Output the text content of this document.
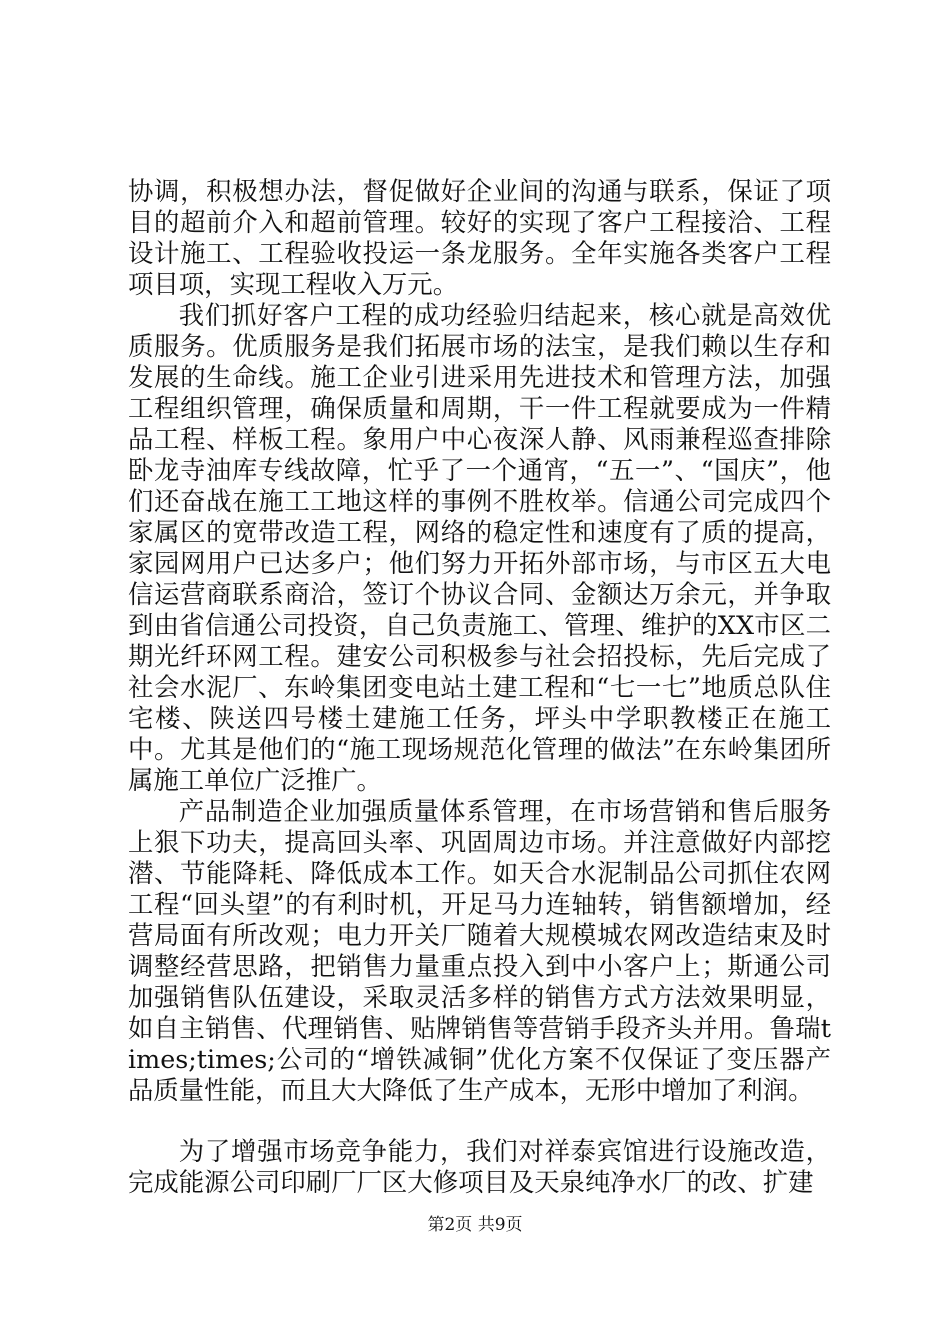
协调，积极想办法，督促做好企业间的沟通与联系，保证了项目的超前介入和超前管理。较好的实现了客户工程接洽、工程设计施工、工程验收投运一条龙服务。全年实施各类客户工程项目项，实现工程收入万元。

我们抓好客户工程的成功经验归结起来，核心就是高效优质服务。优质服务是我们拓展市场的法宝，是我们赖以生存和发展的生命线。施工企业引进采用先进技术和管理方法，加强工程组织管理，确保质量和周期，干一件工程就要成为一件精品工程、样板工程。象用户中心夜深人静、风雨兼程巡查排除卧龙寺油库专线故障，忙乎了一个通宵，“五一”、“国庆”，他们还奋战在施工工地这样的事例不胜枚举。信通公司完成四个家属区的宽带改造工程，网络的稳定性和速度有了质的提高，家园网用户已达多户；他们努力开拓外部市场，与市区五大电信运营商联系商洽，签订个协议合同、金额达万余元，并争取到由省信通公司投资，自己负责施工、管理、维护的XX市区二期光纤环网工程。建安公司积极参与社会招投标，先后完成了社会水泥厂、东岭集团变电站土建工程和“七一七”地质总队住宅楼、陕送四号楼土建施工任务，坪头中学职教楼正在施工中。尤其是他们的“施工现场规范化管理的做法”在东岭集团所属施工单位广泛推广。

产品制造企业加强质量体系管理，在市场营销和售后服务上狠下功夫，提高回头率、巩固周边市场。并注意做好内部挖潜、节能降耗、降低成本工作。如天合水泥制品公司抓住农网工程“回头望”的有利时机，开足马力连轴转，销售额增加，经营局面有所改观；电力开关厂随着大规模城农网改造结束及时调整经营思路，把销售力量重点投入到中小客户上；斯通公司加强销售队伍建设，采取灵活多样的销售方式方法效果明显，如自主销售、代理销售、贴牌销售等营销手段齐头并用。鲁瑞times;times;公司的“增铁减铜”优化方案不仅保证了变压器产品质量性能，而且大大降低了生产成本，无形中增加了利润。

为了增强市场竞争能力，我们对祥泰宾馆进行设施改造，完成能源公司印刷厂厂区大修项目及天泉纯净水厂的改、扩建

第2页 共9页
